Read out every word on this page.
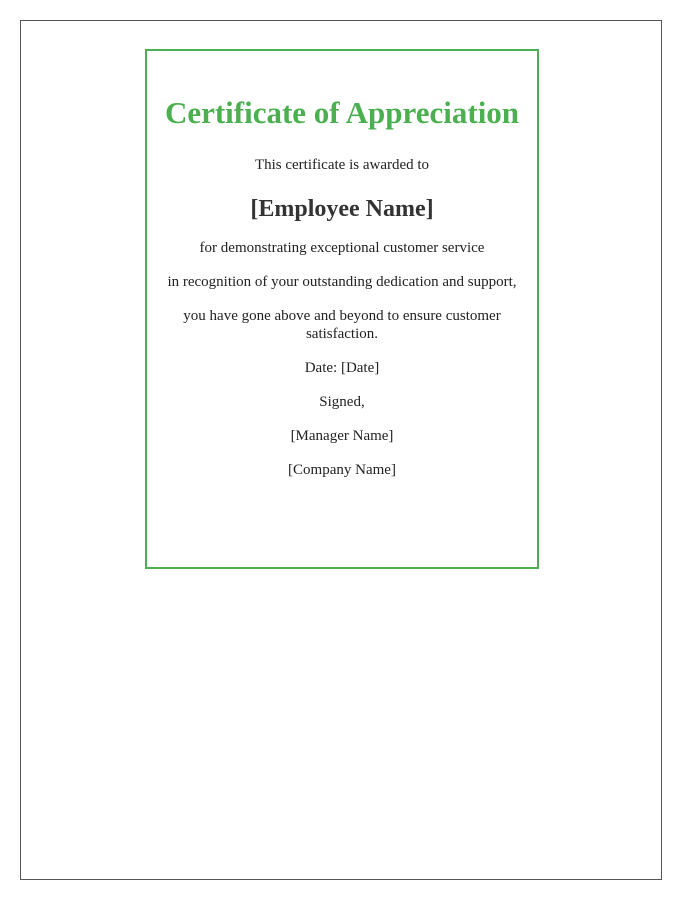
Certificate of Appreciation

This certificate is awarded to

[Employee Name]

for demonstrating exceptional customer service

in recognition of your outstanding dedication and support,

you have gone above and beyond to ensure customer satisfaction.

Date: [Date]

Signed,

[Manager Name]

[Company Name]
